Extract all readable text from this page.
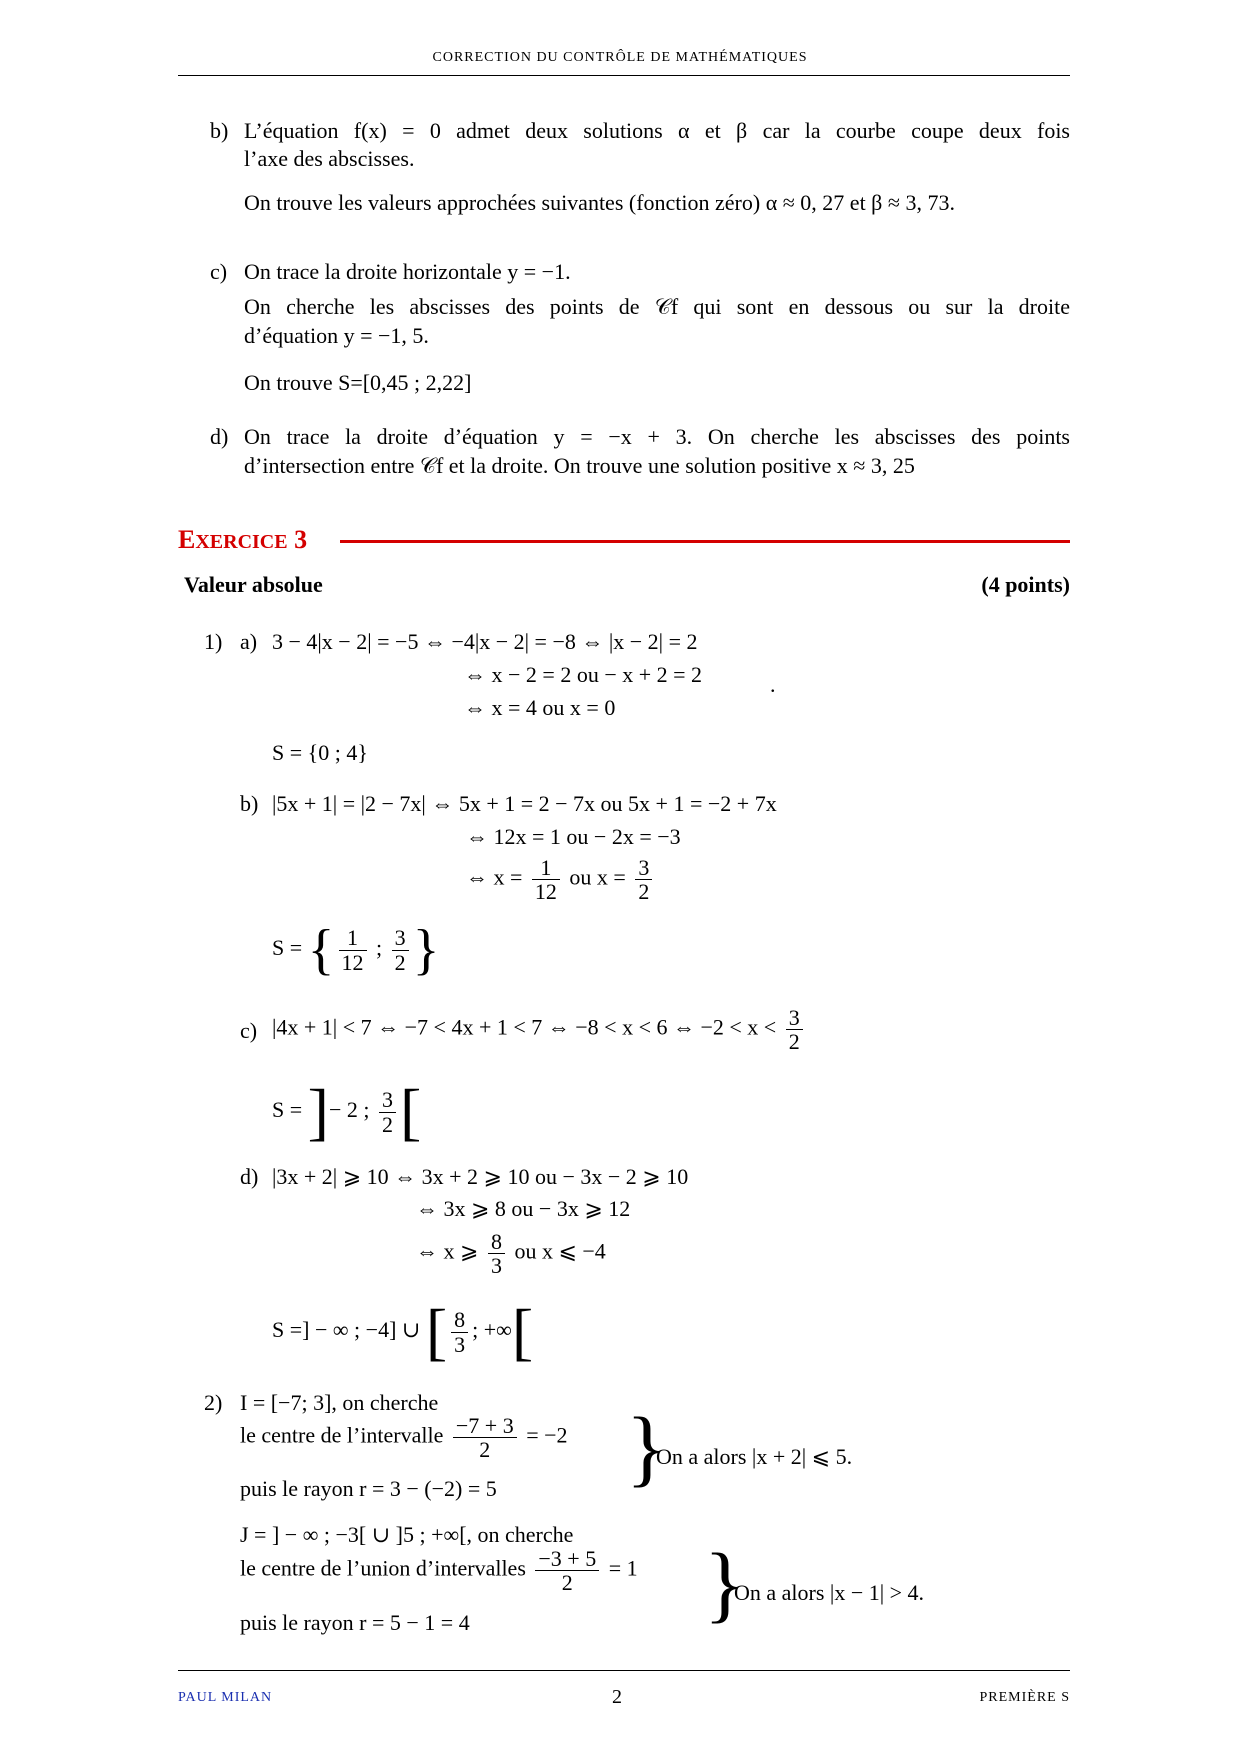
CORRECTION DU CONTRÔLE DE MATHÉMATIQUES
b) L’équation f(x) = 0 admet deux solutions α et β car la courbe coupe deux fois
l’axe des abscisses.
On trouve les valeurs approchées suivantes (fonction zéro) α ≈ 0, 27 et β ≈ 3, 73.
c) On trace la droite horizontale y = −1.
On cherche les abscisses des points de 𝒞f qui sont en dessous ou sur la droite
d’équation y = −1, 5.
On trouve S=[0,45 ; 2,22]
d) On trace la droite d’équation y = −x + 3. On cherche les abscisses des points
d’intersection entre 𝒞f et la droite. On trouve une solution positive x ≈ 3, 25
EXERCICE 3
Valeur absolue	(4 points)
1) a) 3 − 4|x − 2| = −5 ⇔ −4|x − 2| = −8 ⇔ |x − 2| = 2
⇔ x − 2 = 2 ou − x + 2 = 2	.
⇔ x = 4 ou x = 0
S = {0 ; 4}
b) |5x + 1| = |2 − 7x| ⇔ 5x + 1 = 2 − 7x ou 5x + 1 = −2 + 7x
⇔ 12x = 1 ou − 2x = −3
⇔ $x = \frac{1}{12}$ ou $x = \frac{3}{2}$
S = { $\frac{1}{12}$ ; $\frac{3}{2}$ }
c) |4x + 1| < 7 ⇔ −7 < 4x + 1 < 7 ⇔ −8 < x < 6 ⇔ $-2 < x < \frac{3}{2}$
S = ]− 2 ; $\frac{3}{2}$ [
d) |3x + 2| ⩾ 10 ⇔ 3x + 2 ⩾ 10 ou − 3x − 2 ⩾ 10
⇔ 3x ⩾ 8 ou − 3x ⩾ 12
⇔ x ⩾ $\frac{8}{3}$ ou x ⩽ −4
S =] − ∞ ; −4] ∪ [ $\frac{8}{3}$ ; +∞[
2) I = [−7; 3], on cherche
le centre de l’intervalle $\frac{-7 + 3}{2} = -2$
puis le rayon r = 3 − (−2) = 5 }
On a alors |x + 2| ⩽ 5.
J = ] − ∞ ; −3[ ∪ ]5 ; +∞[, on cherche
le centre de l’union d’intervalles $\frac{-3 + 5}{2} = 1$
puis le rayon r = 5 − 1 = 4	}
On a alors |x − 1| > 4.
PAUL MILAN	2	PREMIÈRE S
